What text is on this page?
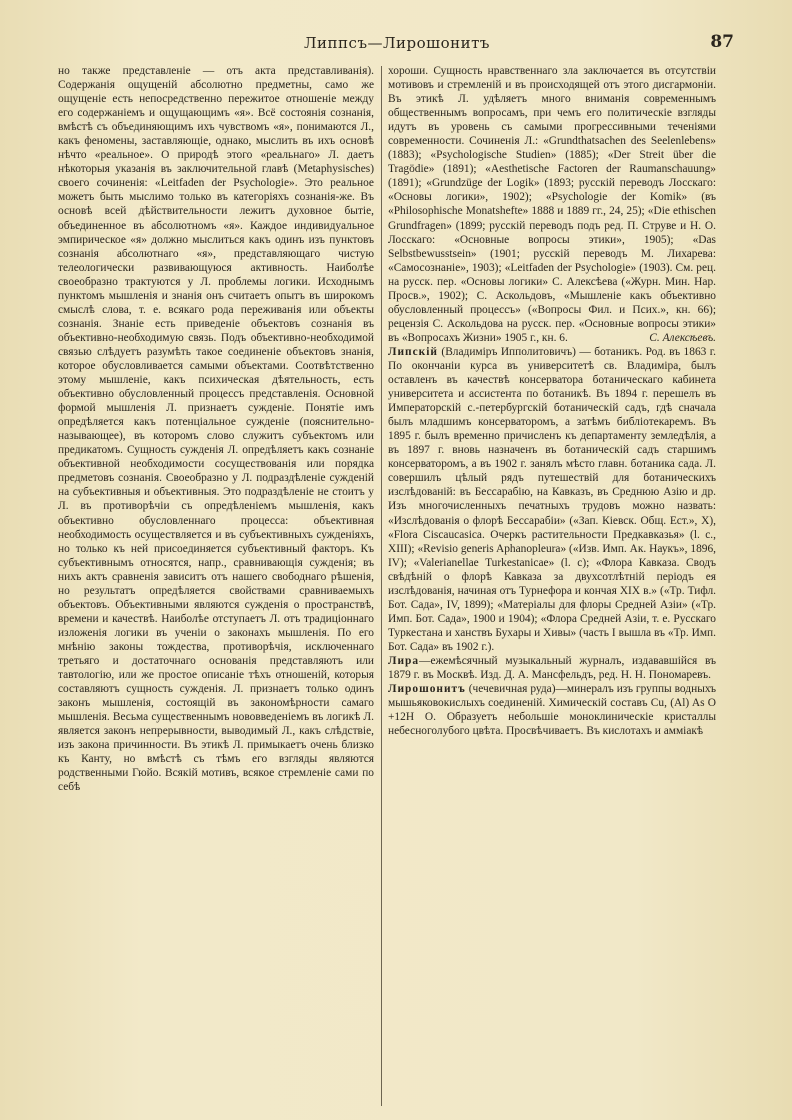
Липпсъ—Лирошонитъ	87

но также представленіе — отъ акта представливанія). Содержанія ощущеній абсолютно предметны, само же ощущеніе есть непосредственно пережитое отношеніе между его содержаніемъ и ощущающимъ «я». Всё состоянія сознанія, вмѣстѣ съ объединяющимъ ихъ чувствомъ «я», понимаются Л., какъ феномены, заставляющіе, однако, мыслить въ ихъ основѣ нѣчто «реальное». О природѣ этого «реальнаго» Л. даетъ нѣкоторыя указанія въ заключительной главѣ (Metaphysisches) своего сочиненія: «Leitfaden der Psychologie». Это реальное можетъ быть мыслимо только въ категоріяхъ сознанія-же. Въ основѣ всей дѣйствительности лежитъ духовное бытіе, объединенное въ абсолютномъ «я». Каждое индивидуальное эмпирическое «я» должно мыслиться какъ одинъ изъ пунктовъ сознанія абсолютнаго «я», представляющаго чистую телеологически развивающуюся активность. Наиболѣе своеобразно трактуются у Л. проблемы логики. Исходнымъ пунктомъ мышленія и знанія онъ считаетъ опытъ въ широкомъ смыслѣ слова, т. е. всякаго рода переживанія или объекты сознанія. Знаніе есть приведеніе объектовъ сознанія въ объективно-необходимую связь. Подъ объективно-необходимой связью слѣдуетъ разумѣть такое соединеніе объектовъ знанія, которое обусловливается самыми объектами. Соотвѣтственно этому мышленіе, какъ психическая дѣятельность, есть объективно обусловленный процессъ представленія. Основной формой мышленія Л. признаетъ сужденіе. Понятіе имъ опредѣляется какъ потенціальное сужденіе (пояснительно-называющее), въ которомъ слово служитъ субъектомъ или предикатомъ. Сущность сужденія Л. опредѣляетъ какъ сознаніе объективной необходимости сосуществованія или порядка предметовъ сознанія. Своеобразно у Л. подраздѣленіе сужденій на субъективныя и объективныя. Это подраздѣленіе не стоитъ у Л. въ противорѣчіи съ опредѣленіемъ мышленія, какъ объективно обусловленнаго процесса: объективная необходимость осуществляется и въ субъективныхъ сужденіяхъ, но только къ ней присоединяется субъективный факторъ. Къ субъективнымъ относятся, напр., сравнивающія сужденія; въ нихъ актъ сравненія зависитъ отъ нашего свободнаго рѣшенія, но результатъ опредѣляется свойствами сравниваемыхъ объектовъ. Объективными являются сужденія о пространствѣ, времени и качествѣ. Наиболѣе отступаетъ Л. отъ традиціоннаго изложенія логики въ ученіи о законахъ мышленія. По его мнѣнію законы тождества, противорѣчія, исключеннаго третьяго и достаточнаго основанія представляютъ или тавтологію, или же простое описаніе тѣхъ отношеній, которыя составляютъ сущность сужденія. Л. признаетъ только одинъ законъ мышленія, состоящій въ закономѣрности самаго мышленія. Весьма существеннымъ нововведеніемъ въ логикѣ Л. является законъ непрерывности, выводимый Л., какъ слѣдствіе, изъ закона причинности. Въ этикѣ Л. примыкаетъ очень близко къ Канту, но вмѣстѣ съ тѣмъ его взгляды являются родственными Гюйо. Всякій мотивъ, всякое стремленіе сами по себѣ

хороши. Сущность нравственнаго зла заключается въ отсутствіи мотивовъ и стремленій и въ происходящей отъ этого дисгармоніи. Въ этикѣ Л. удѣляетъ много вниманія современнымъ общественнымъ вопросамъ, при чемъ его политическіе взгляды идутъ въ уровень съ самыми прогрессивными теченіями современности. Сочиненія Л.: «Grundthatsachen des Seelenlebens» (1883); «Psychologische Studien» (1885); «Der Streit über die Tragödie» (1891); «Aesthetische Factoren der Raumanschauung» (1891); «Grundzüge der Logik» (1893; русскій переводъ Лосскаго: «Основы логики», 1902); «Psychologie der Komik» (въ «Philosophische Monatshefte» 1888 и 1889 гг., 24, 25); «Die ethischen Grundfragen» (1899; русскій переводъ подъ ред. П. Струве и Н. О. Лосскаго: «Основные вопросы этики», 1905); «Das Selbstbewusstsein» (1901; русскій переводъ М. Лихарева: «Самосознаніе», 1903); «Leitfaden der Psychologie» (1903). См. рец. на русск. пер. «Основы логики» С. Алексѣева («Журн. Мин. Нар. Просв.», 1902); С. Аскольдовъ, «Мышленіе какъ объективно обусловленный процессъ» («Вопросы Фил. и Псих.», кн. 66); рецензія С. Аскольдова на русск. пер. «Основные вопросы этики» въ «Вопросахъ Жизни» 1905 г., кн. 6.	С. Алексѣевъ.

Липскій (Владиміръ Ипполитовичъ) — ботаникъ. Род. въ 1863 г. По окончаніи курса въ университетѣ св. Владиміра, былъ оставленъ въ качествѣ консерватора ботаническаго кабинета университета и ассистента по ботаникѣ. Въ 1894 г. перешелъ въ Императорскій с.-петербургскій ботаническій садъ, гдѣ сначала былъ младшимъ консерваторомъ, а затѣмъ библіотекаремъ. Въ 1895 г. былъ временно причисленъ къ департаменту земледѣлія, а въ 1897 г. вновь назначенъ въ ботаническій садъ старшимъ консерваторомъ, а въ 1902 г. занялъ мѣсто главн. ботаника сада. Л. совершилъ цѣлый рядъ путешествій для ботаническихъ изслѣдованій: въ Бессарабію, на Кавказъ, въ Среднюю Азію и др. Изъ многочисленныхъ печатныхъ трудовъ можно назвать: «Изслѣдованія о флорѣ Бессарабіи» («Зап. Кіевск. Общ. Ест.», X), «Flora Ciscaucasica. Очеркъ растительности Предкавказья» (l. c., XIII); «Revisio generis Aphanopleura» («Изв. Имп. Ак. Наукъ», 1896, IV); «Valerianellae Turkestanicae» (l. c); «Флора Кавказа. Сводъ свѣдѣній о флорѣ Кавказа за двухсотлѣтній періодъ ея изслѣдованія, начиная отъ Турнефора и кончая XIX в.» («Тр. Тифл. Бот. Сада», IV, 1899); «Матеріалы для флоры Средней Азіи» («Тр. Имп. Бот. Сада», 1900 и 1904); «Флора Средней Азіи, т. е. Русскаго Туркестана и ханствъ Бухары и Хивы» (часть I вышла въ «Тр. Имп. Бот. Сада» въ 1902 г.).

Лира—ежемѣсячный музыкальный журналъ, издававшійся въ 1879 г. въ Москвѣ. Изд. Д. А. Мансфельдъ, ред. Н. Н. Пономаревъ.

Лирошонитъ (чечевичная руда)—минералъ изъ группы водныхъ мышьяковокислыхъ соединеній. Химическій составъ Cu, (Al) As O +12H O. Образуетъ небольшіе моноклиническіе кристаллы небесноголубого цвѣта. Просвѣчиваетъ. Въ кислотахъ и амміакѣ
